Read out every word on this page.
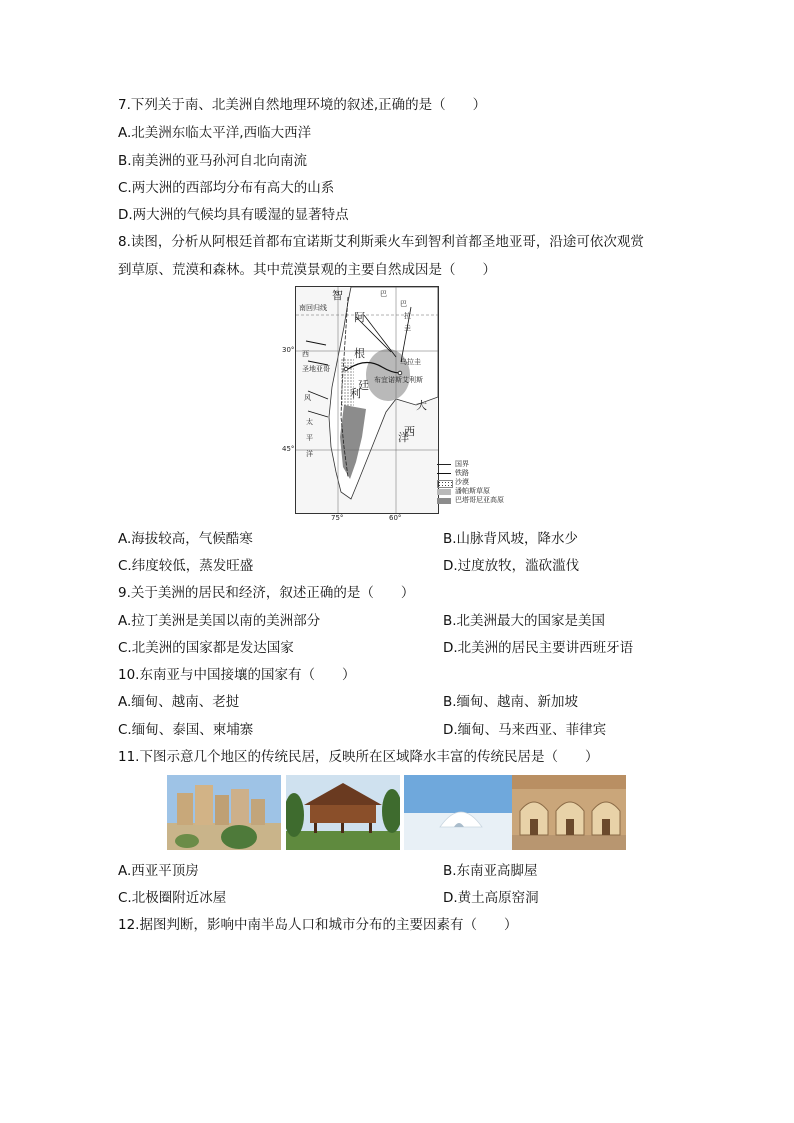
7.下列关于南、北美洲自然地理环境的叙述,正确的是（　　）
A.北美洲东临太平洋,西临大西洋
B.南美洲的亚马孙河自北向南流
C.两大洲的西部均分布有高大的山系
D.两大洲的气候均具有暖湿的显著特点
8.读图，分析从阿根廷首都布宜诺斯艾利斯乘火车到智利首都圣地亚哥，沿途可依次观赏
到草原、荒漠和森林。其中荒漠景观的主要自然成因是（　　）
南回归线
智
利
阿
根
廷
巴
巴
拉
圭
乌拉圭
布宜诺斯艾利斯
圣地亚哥
西
风
太
平
洋
大
西
洋
30°
45°
75°	60°
国界
铁路
沙漠
潘帕斯草原
巴塔哥尼亚高原
A.海拔较高，气候酷寒	B.山脉背风坡，降水少
C.纬度较低，蒸发旺盛	D.过度放牧，滥砍滥伐
9.关于美洲的居民和经济，叙述正确的是（　　）
A.拉丁美洲是美国以南的美洲部分	B.北美洲最大的国家是美国
C.北美洲的国家都是发达国家	D.北美洲的居民主要讲西班牙语
10.东南亚与中国接壤的国家有（　　）
A.缅甸、越南、老挝	B.缅甸、越南、新加坡
C.缅甸、泰国、柬埔寨	D.缅甸、马来西亚、菲律宾
11.下图示意几个地区的传统民居，反映所在区域降水丰富的传统民居是（　　）
A.西亚平顶房	B.东南亚高脚屋
C.北极圈附近冰屋	D.黄土高原窑洞
12.据图判断，影响中南半岛人口和城市分布的主要因素有（　　）
